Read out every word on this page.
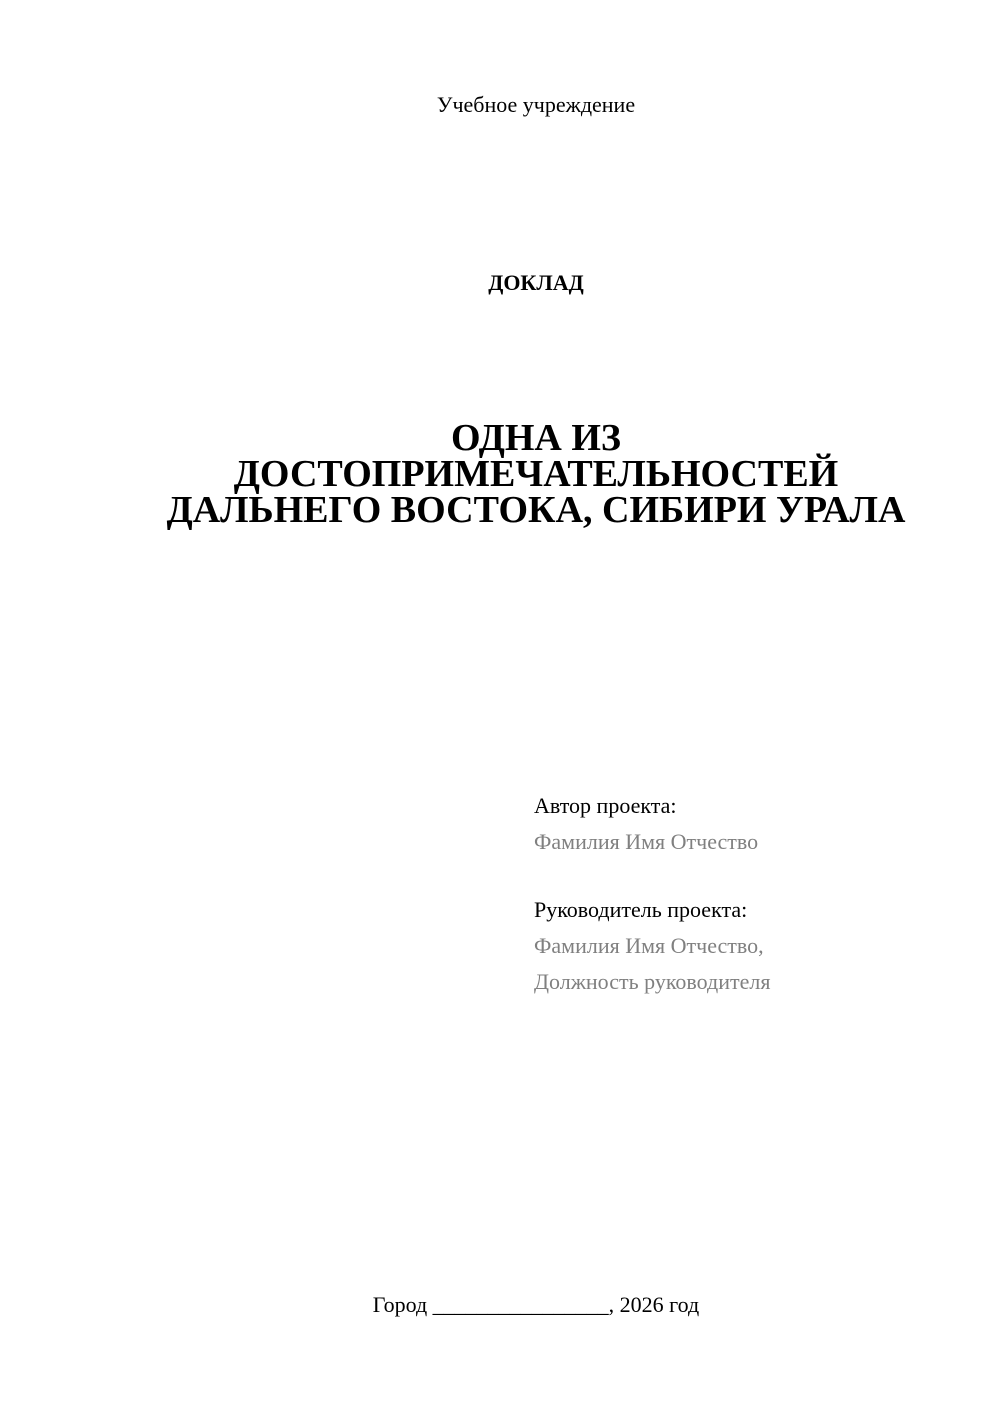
Учебное учреждение
ДОКЛАД
ОДНА ИЗ
ДОСТОПРИМЕЧАТЕЛЬНОСТЕЙ
ДАЛЬНЕГО ВОСТОКА, СИБИРИ УРАЛА
Автор проекта:
Фамилия Имя Отчество
Руководитель проекта:
Фамилия Имя Отчество,
Должность руководителя
Город ________________, 2026 год
